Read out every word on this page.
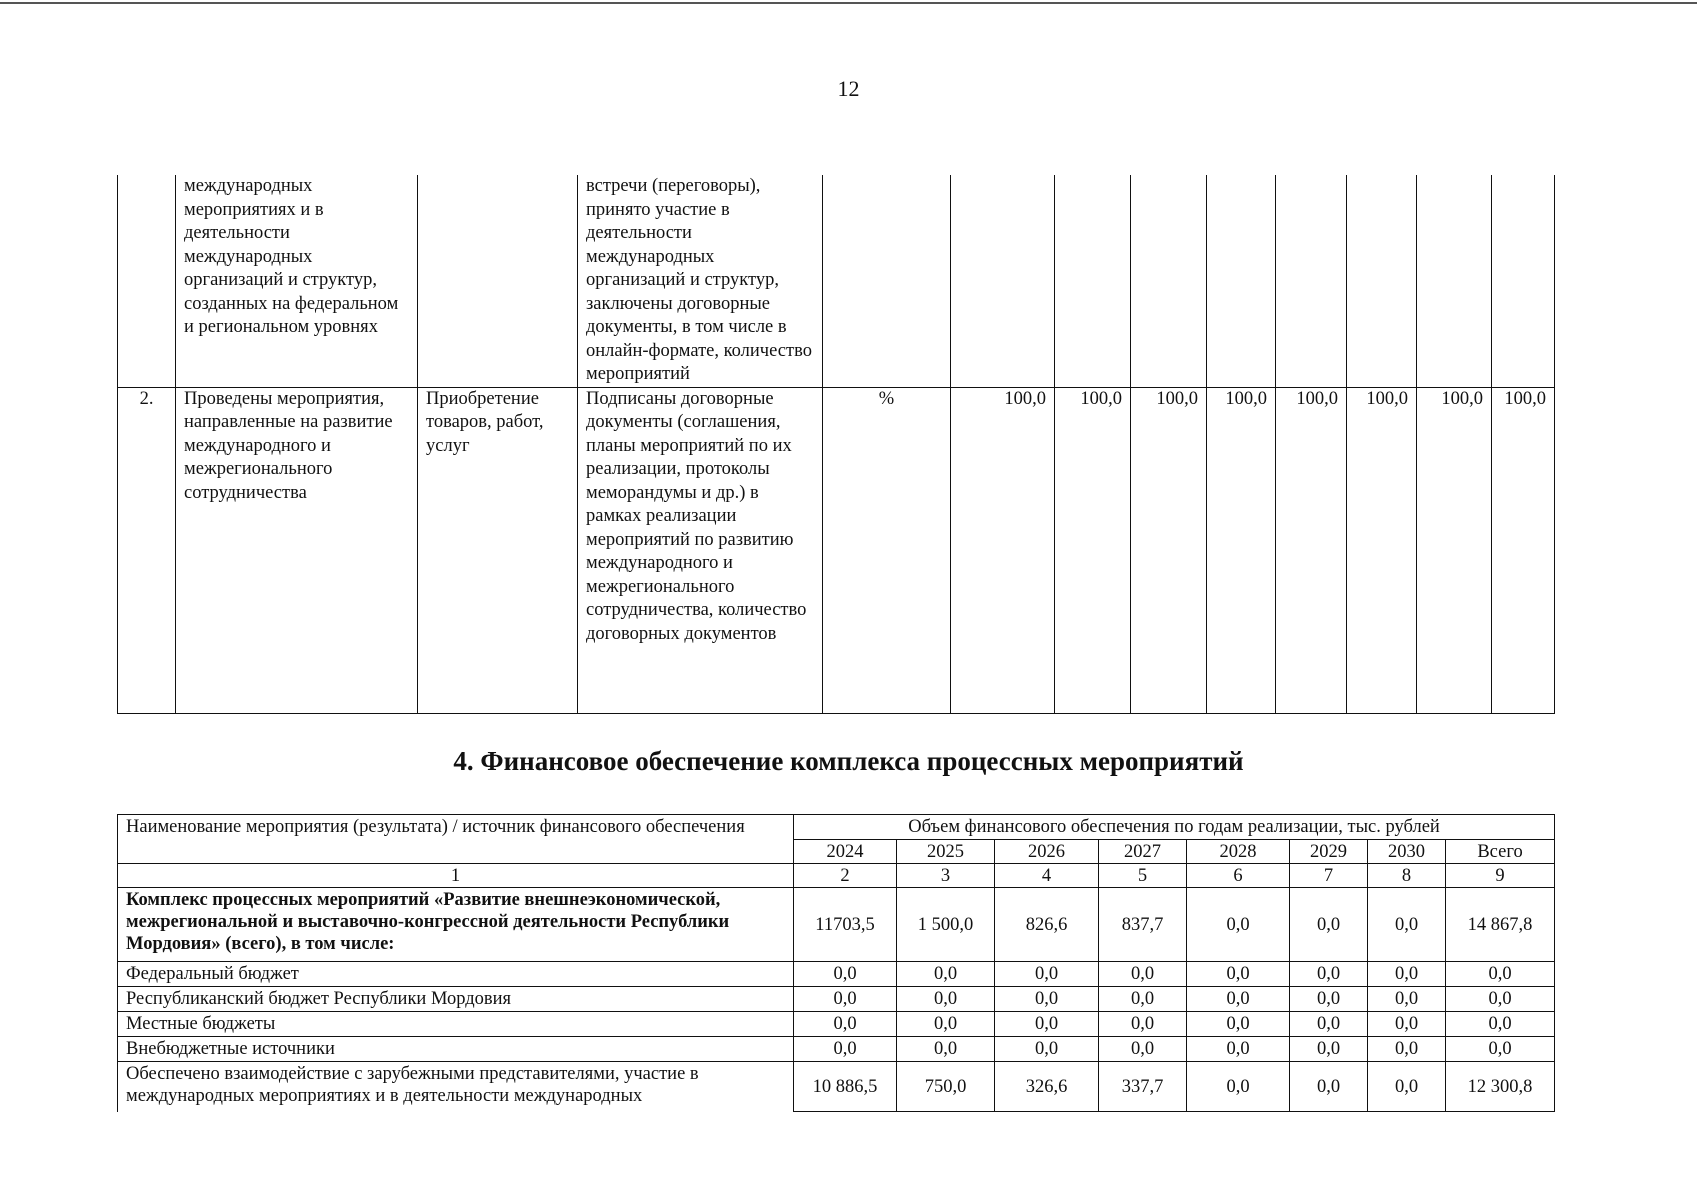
12
	международных мероприятиях и в деятельности международных организаций и структур, созданных на федеральном и региональном уровнях		встречи (переговоры), принято участие в деятельности международных организаций и структур, заключены договорные документы, в том числе в онлайн-формате, количество мероприятий									
2.	Проведены мероприятия, направленные на развитие международного и межрегионального сотрудничества	Приобретение товаров, работ, услуг	Подписаны договорные документы (соглашения, планы мероприятий по их реализации, протоколы меморандумы и др.) в рамках реализации мероприятий по развитию международного и межрегионального сотрудничества, количество договорных документов	%	100,0	100,0	100,0	100,0	100,0	100,0	100,0	100,0
4. Финансовое обеспечение комплекса процессных мероприятий
Наименование мероприятия (результата) / источник финансового обеспечения	Объем финансового обеспечения по годам реализации, тыс. рублей							
	2024	2025	2026	2027	2028	2029	2030	Всего
1	2	3	4	5	6	7	8	9
Комплекс процессных мероприятий «Развитие внешнеэкономической, межрегиональной и выставочно-конгрессной деятельности Республики Мордовия» (всего), в том числе:	11703,5	1 500,0	826,6	837,7	0,0	0,0	0,0	14 867,8
Федеральный бюджет	0,0	0,0	0,0	0,0	0,0	0,0	0,0	0,0
Республиканский бюджет Республики Мордовия	0,0	0,0	0,0	0,0	0,0	0,0	0,0	0,0
Местные бюджеты	0,0	0,0	0,0	0,0	0,0	0,0	0,0	0,0
Внебюджетные источники	0,0	0,0	0,0	0,0	0,0	0,0	0,0	0,0
Обеспечено взаимодействие с зарубежными представителями, участие в международных мероприятиях и в деятельности международных	10 886,5	750,0	326,6	337,7	0,0	0,0	0,0	12 300,8
